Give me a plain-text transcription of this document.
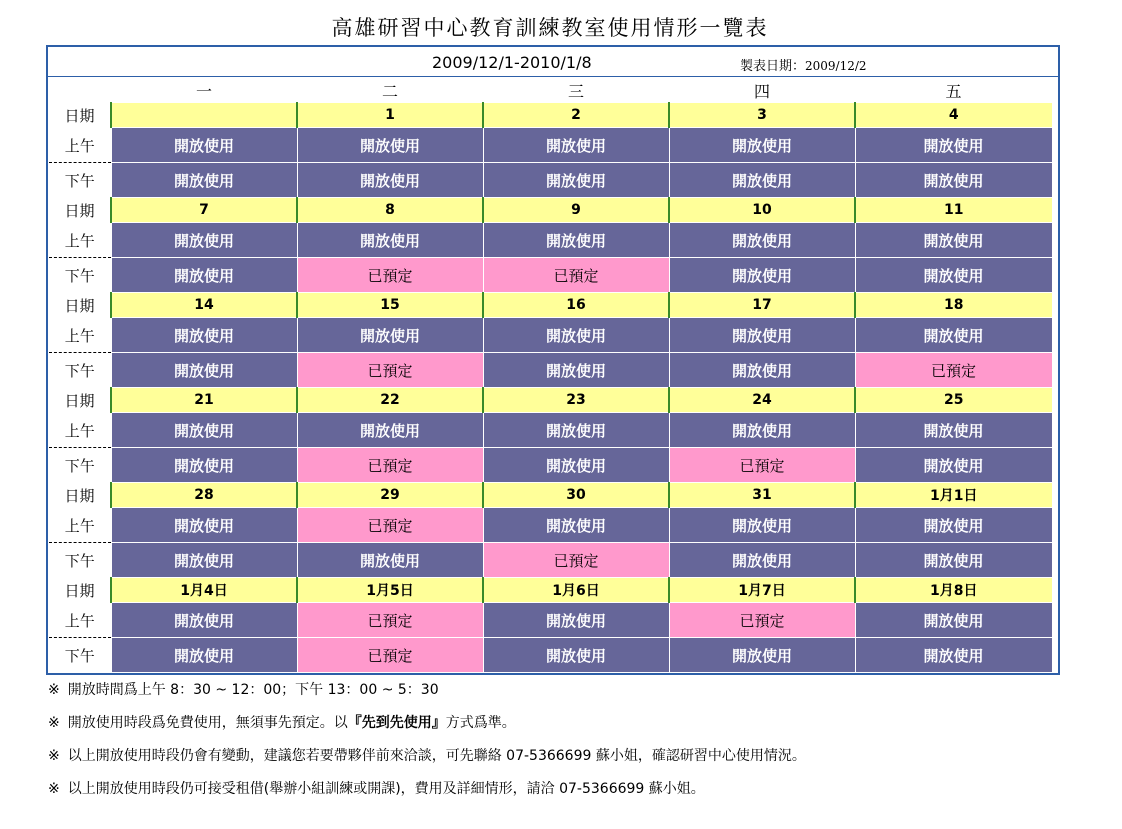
高雄研習中心教育訓練教室使用情形一覽表
2009/12/1-2010/1/8	製表日期：2009/12/2
	一	二	三	四	五
日期		1	2	3	4
上午	開放使用	開放使用	開放使用	開放使用	開放使用
下午	開放使用	開放使用	開放使用	開放使用	開放使用
日期	7	8	9	10	11
上午	開放使用	開放使用	開放使用	開放使用	開放使用
下午	開放使用	已預定	已預定	開放使用	開放使用
日期	14	15	16	17	18
上午	開放使用	開放使用	開放使用	開放使用	開放使用
下午	開放使用	已預定	開放使用	開放使用	已預定
日期	21	22	23	24	25
上午	開放使用	開放使用	開放使用	開放使用	開放使用
下午	開放使用	已預定	開放使用	已預定	開放使用
日期	28	29	30	31	1月1日
上午	開放使用	已預定	開放使用	開放使用	開放使用
下午	開放使用	開放使用	已預定	開放使用	開放使用
日期	1月4日	1月5日	1月6日	1月7日	1月8日
上午	開放使用	已預定	開放使用	已預定	開放使用
下午	開放使用	已預定	開放使用	開放使用	開放使用
※ 開放時間爲上午 8：30 ~ 12：00；下午 13：00 ~ 5：30
※ 開放使用時段爲免費使用，無須事先預定。以『先到先使用』方式爲準。
※ 以上開放使用時段仍會有變動，建議您若要帶夥伴前來洽談，可先聯絡 07-5366699 蘇小姐，確認研習中心使用情況。
※ 以上開放使用時段仍可接受租借(舉辦小組訓練或開課)，費用及詳細情形，請洽 07-5366699 蘇小姐。
